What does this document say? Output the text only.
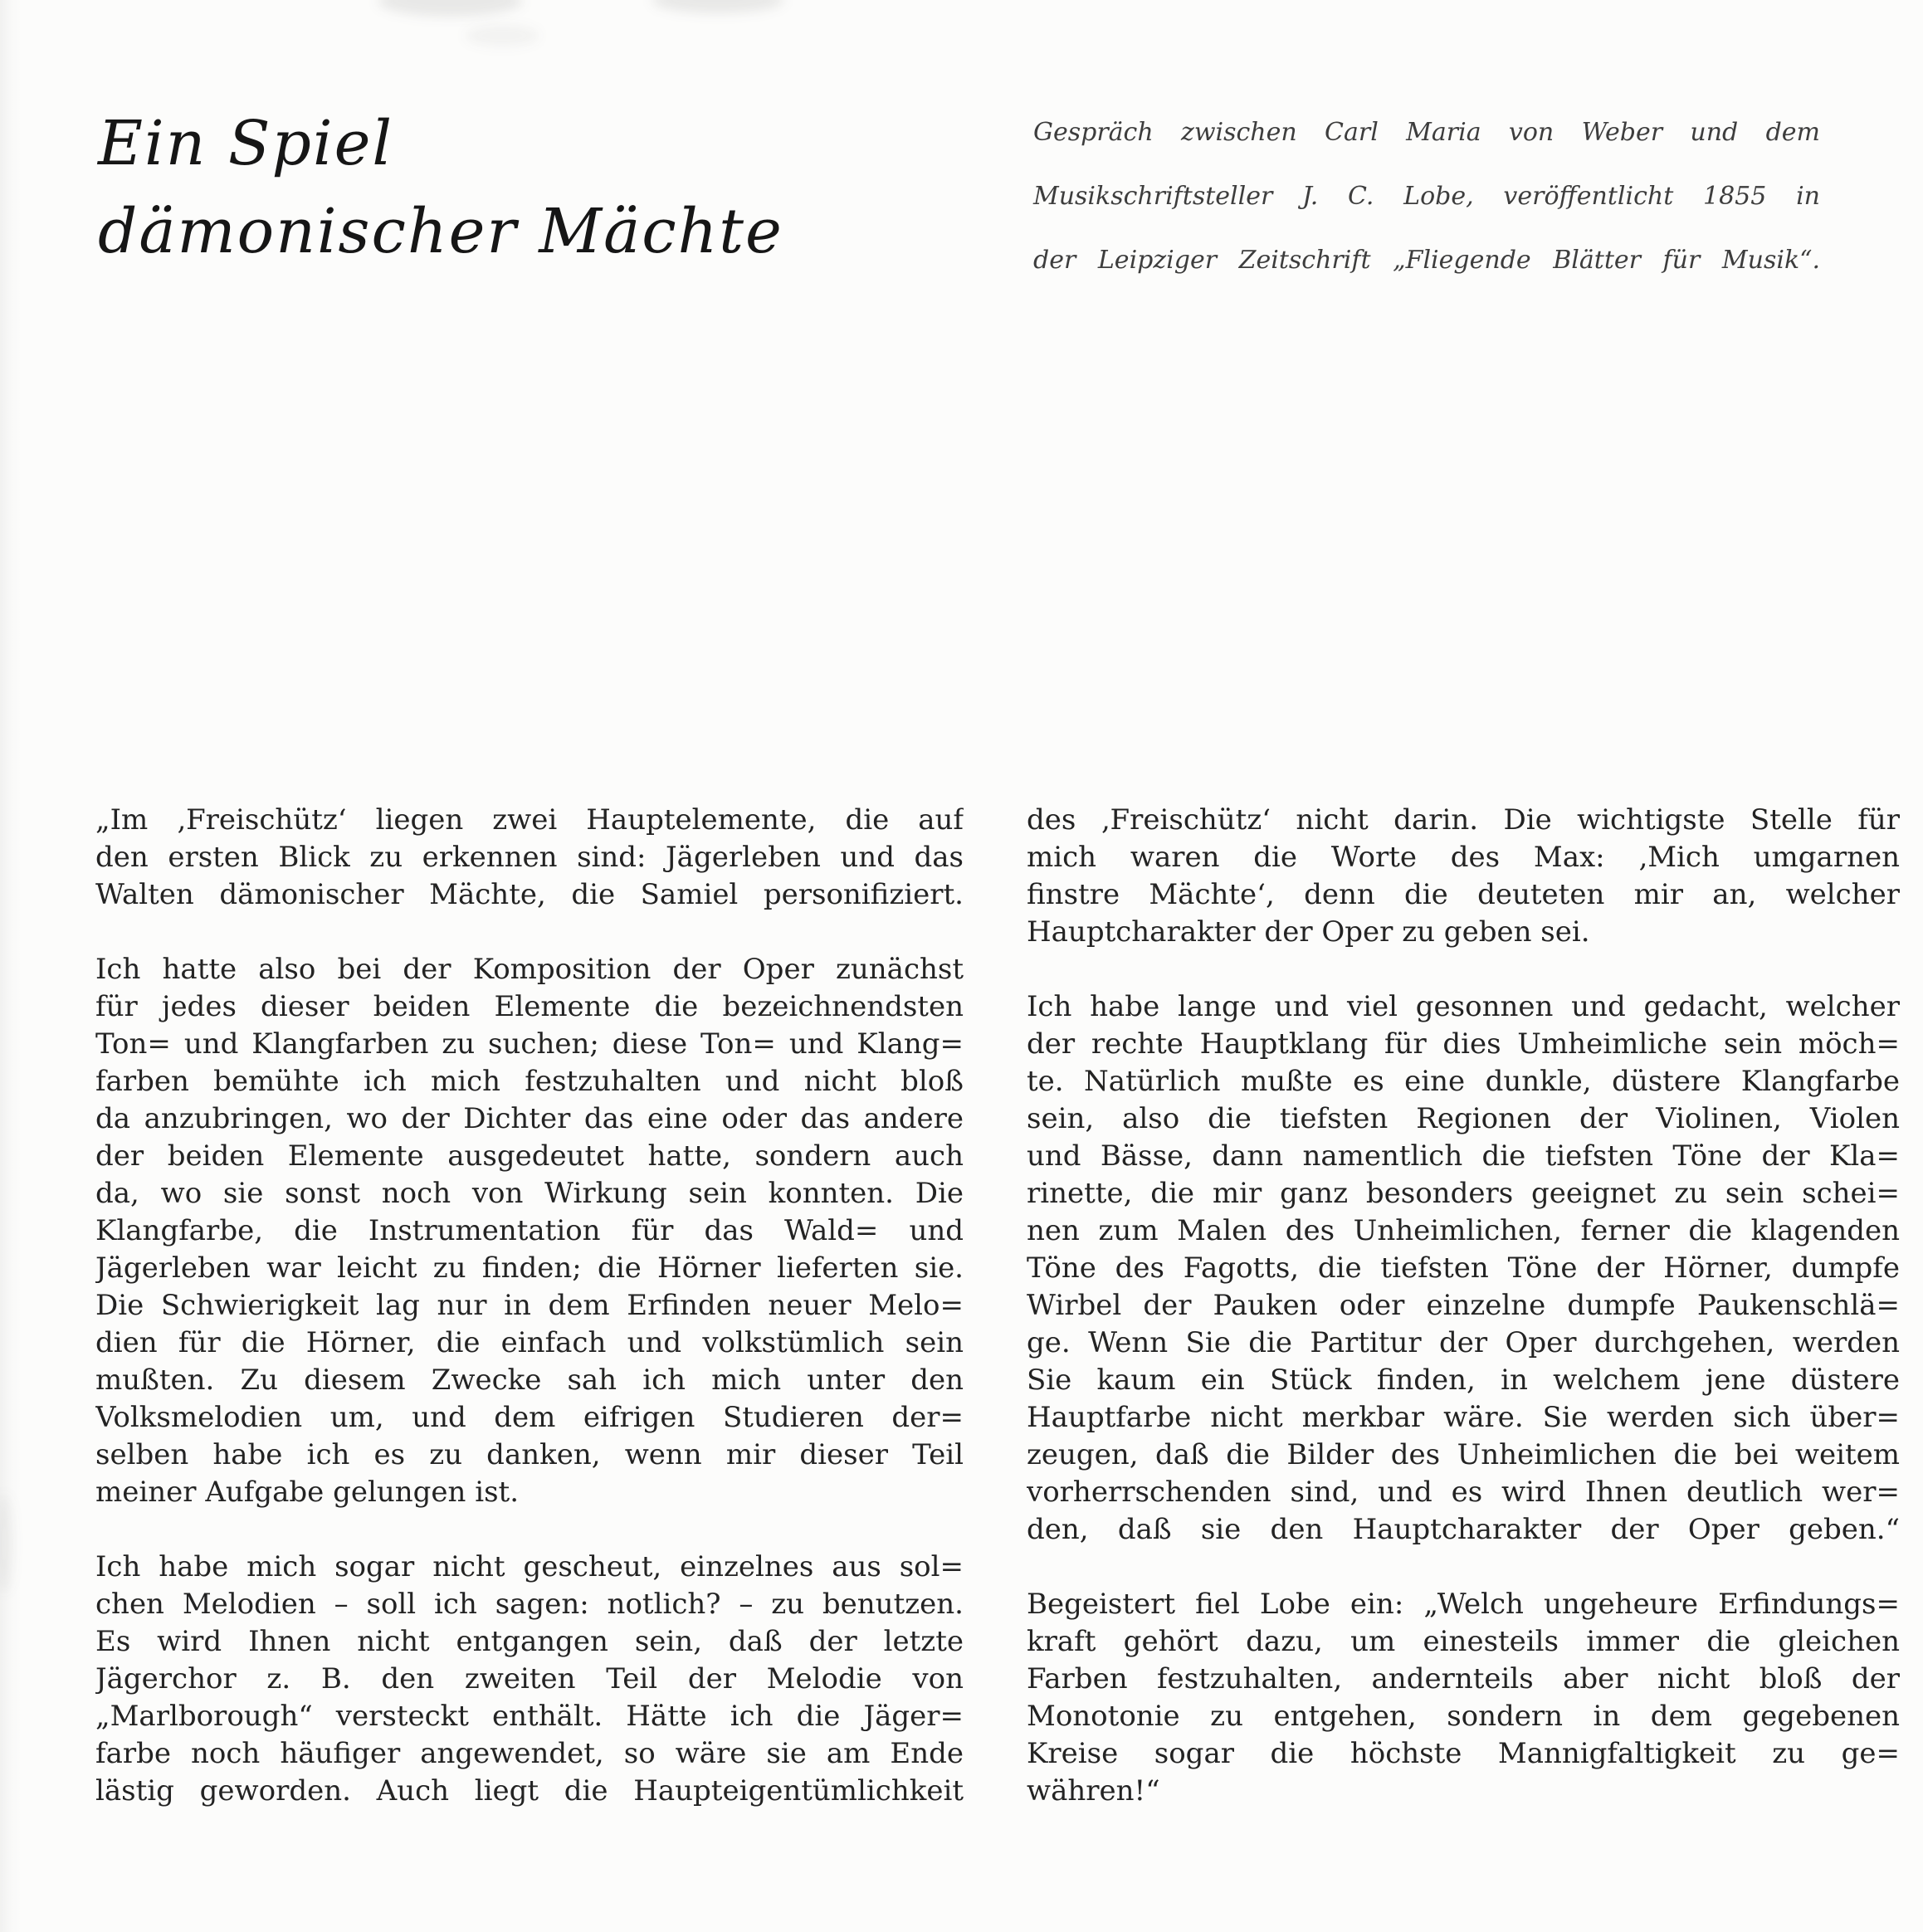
Ein Spiel
dämonischer Mächte
Gespräch zwischen Carl Maria von Weber und dem
Musikschriftsteller J. C. Lobe, veröffentlicht 1855 in
der Leipziger Zeitschrift „Fliegende Blätter für Musik“.
„Im ‚Freischütz‘ liegen zwei Hauptelemente, die auf
den ersten Blick zu erkennen sind: Jägerleben und das
Walten dämonischer Mächte, die Samiel personifiziert.
Ich hatte also bei der Komposition der Oper zunächst
für jedes dieser beiden Elemente die bezeichnendsten
Ton= und Klangfarben zu suchen; diese Ton= und Klang=
farben bemühte ich mich festzuhalten und nicht bloß
da anzubringen, wo der Dichter das eine oder das andere
der beiden Elemente ausgedeutet hatte, sondern auch
da, wo sie sonst noch von Wirkung sein konnten. Die
Klangfarbe, die Instrumentation für das Wald= und
Jägerleben war leicht zu finden; die Hörner lieferten sie.
Die Schwierigkeit lag nur in dem Erfinden neuer Melo=
dien für die Hörner, die einfach und volkstümlich sein
mußten. Zu diesem Zwecke sah ich mich unter den
Volksmelodien um, und dem eifrigen Studieren der=
selben habe ich es zu danken, wenn mir dieser Teil
meiner Aufgabe gelungen ist.
Ich habe mich sogar nicht gescheut, einzelnes aus sol=
chen Melodien – soll ich sagen: notlich? – zu benutzen.
Es wird Ihnen nicht entgangen sein, daß der letzte
Jägerchor z. B. den zweiten Teil der Melodie von
„Marlborough“ versteckt enthält. Hätte ich die Jäger=
farbe noch häufiger angewendet, so wäre sie am Ende
lästig geworden. Auch liegt die Haupteigentümlichkeit
des ‚Freischütz‘ nicht darin. Die wichtigste Stelle für
mich waren die Worte des Max: ‚Mich umgarnen
finstre Mächte‘, denn die deuteten mir an, welcher
Hauptcharakter der Oper zu geben sei.
Ich habe lange und viel gesonnen und gedacht, welcher
der rechte Hauptklang für dies Umheimliche sein möch=
te. Natürlich mußte es eine dunkle, düstere Klangfarbe
sein, also die tiefsten Regionen der Violinen, Violen
und Bässe, dann namentlich die tiefsten Töne der Kla=
rinette, die mir ganz besonders geeignet zu sein schei=
nen zum Malen des Unheimlichen, ferner die klagenden
Töne des Fagotts, die tiefsten Töne der Hörner, dumpfe
Wirbel der Pauken oder einzelne dumpfe Paukenschlä=
ge. Wenn Sie die Partitur der Oper durchgehen, werden
Sie kaum ein Stück finden, in welchem jene düstere
Hauptfarbe nicht merkbar wäre. Sie werden sich über=
zeugen, daß die Bilder des Unheimlichen die bei weitem
vorherrschenden sind, und es wird Ihnen deutlich wer=
den, daß sie den Hauptcharakter der Oper geben.“
Begeistert fiel Lobe ein: „Welch ungeheure Erfindungs=
kraft gehört dazu, um einesteils immer die gleichen
Farben festzuhalten, andernteils aber nicht bloß der
Monotonie zu entgehen, sondern in dem gegebenen
Kreise sogar die höchste Mannigfaltigkeit zu ge=
währen!“
